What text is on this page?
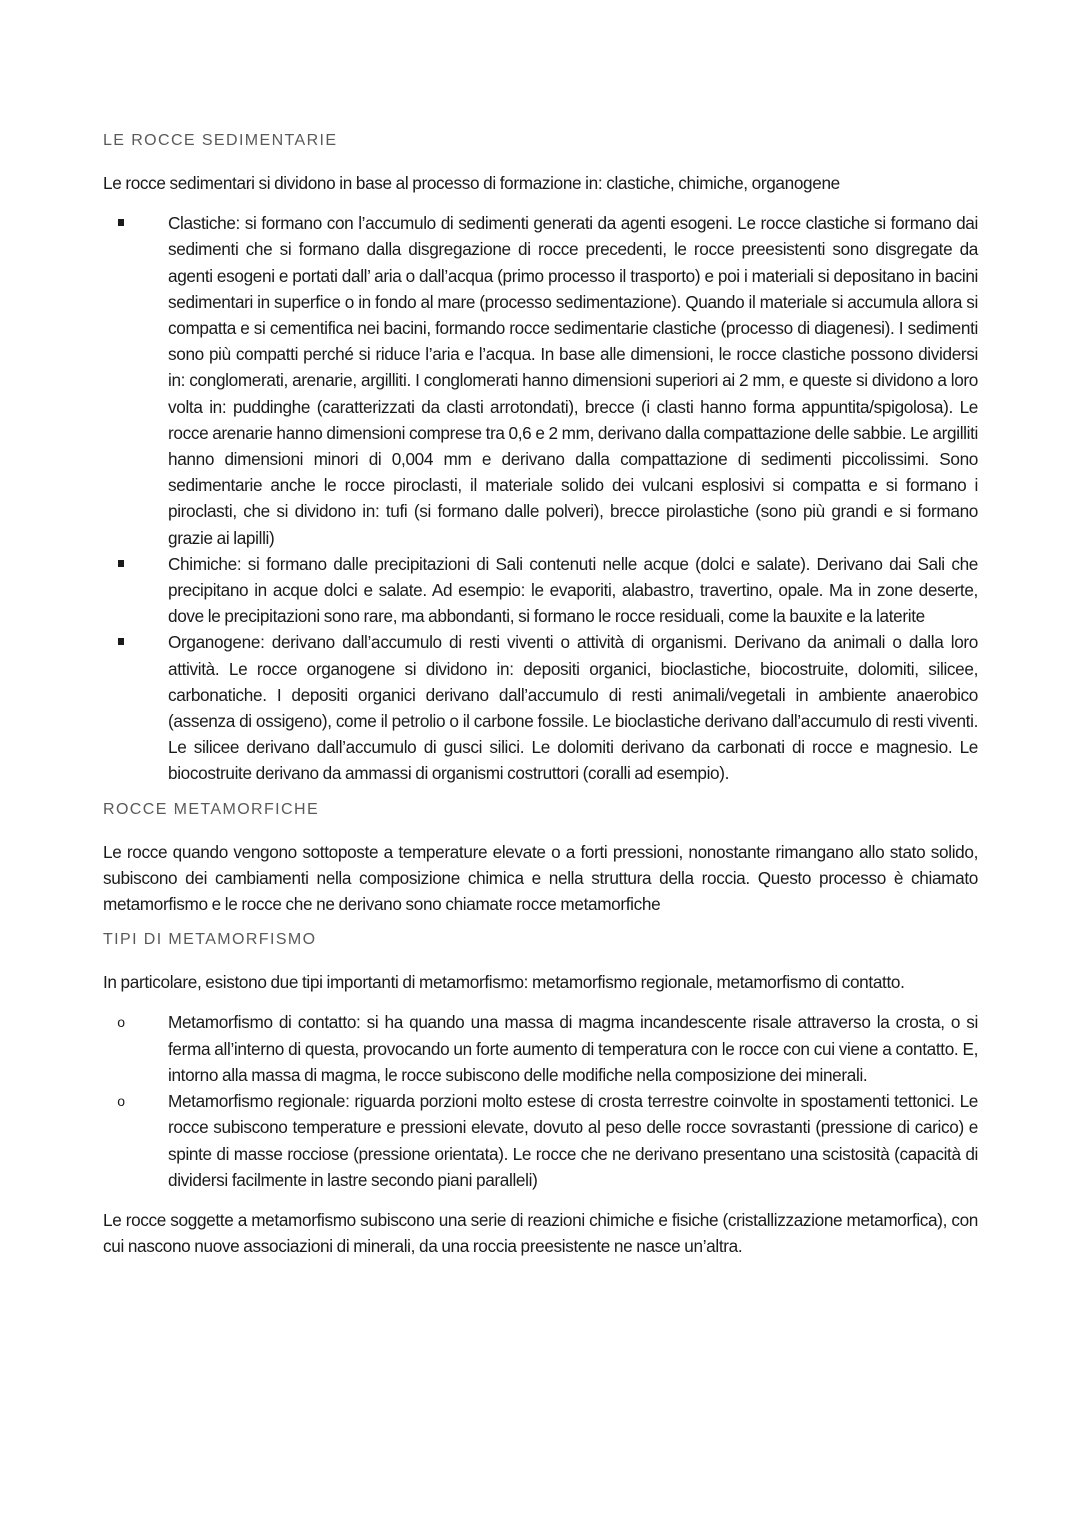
LE ROCCE SEDIMENTARIE

Le rocce sedimentari si dividono in base al processo di formazione in: clastiche, chimiche, organogene

Clastiche: si formano con l’accumulo di sedimenti generati da agenti esogeni. Le rocce clastiche si formano dai sedimenti che si formano dalla disgregazione di rocce precedenti, le rocce preesistenti sono disgregate da agenti esogeni e portati dall’ aria o dall’acqua (primo processo il trasporto) e poi i materiali si depositano in bacini sedimentari in superfice o in fondo al mare (processo sedimentazione). Quando il materiale si accumula allora si compatta e si cementifica nei bacini, formando rocce sedimentarie clastiche (processo di diagenesi). I sedimenti sono più compatti perché si riduce l’aria e l’acqua. In base alle dimensioni, le rocce clastiche possono dividersi in: conglomerati, arenarie, argilliti. I conglomerati hanno dimensioni superiori ai 2 mm, e queste si dividono a loro volta in: puddinghe (caratterizzati da clasti arrotondati), brecce (i clasti hanno forma appuntita/spigolosa). Le rocce arenarie hanno dimensioni comprese tra 0,6 e 2 mm, derivano dalla compattazione delle sabbie. Le argilliti hanno dimensioni minori di 0,004 mm e derivano dalla compattazione di sedimenti piccolissimi. Sono sedimentarie anche le rocce piroclasti, il materiale solido dei vulcani esplosivi si compatta e si formano i piroclasti, che si dividono in: tufi (si formano dalle polveri), brecce pirolastiche (sono più grandi e si formano grazie ai lapilli)
Chimiche: si formano dalle precipitazioni di Sali contenuti nelle acque (dolci e salate). Derivano dai Sali che precipitano in acque dolci e salate. Ad esempio: le evaporiti, alabastro, travertino, opale. Ma in zone deserte, dove le precipitazioni sono rare, ma abbondanti, si formano le rocce residuali, come la bauxite e la laterite
Organogene: derivano dall’accumulo di resti viventi o attività di organismi. Derivano da animali o dalla loro attività. Le rocce organogene si dividono in: depositi organici, bioclastiche, biocostruite, dolomiti, silicee, carbonatiche. I depositi organici derivano dall’accumulo di resti animali/vegetali in ambiente anaerobico (assenza di ossigeno), come il petrolio o il carbone fossile. Le bioclastiche derivano dall’accumulo di resti viventi. Le silicee derivano dall’accumulo di gusci silici. Le dolomiti derivano da carbonati di rocce e magnesio. Le biocostruite derivano da ammassi di organismi costruttori (coralli ad esempio).
ROCCE METAMORFICHE

Le rocce quando vengono sottoposte a temperature elevate o a forti pressioni, nonostante rimangano allo stato solido, subiscono dei cambiamenti nella composizione chimica e nella struttura della roccia. Questo processo è chiamato metamorfismo e le rocce che ne derivano sono chiamate rocce metamorfiche

TIPI DI METAMORFISMO

In particolare, esistono due tipi importanti di metamorfismo: metamorfismo regionale, metamorfismo di contatto.

o	Metamorfismo di contatto: si ha quando una massa di magma incandescente risale attraverso la crosta, o si ferma all’interno di questa, provocando un forte aumento di temperatura con le rocce con cui viene a contatto. E, intorno alla massa di magma, le rocce subiscono delle modifiche nella composizione dei minerali.
o	Metamorfismo regionale: riguarda porzioni molto estese di crosta terrestre coinvolte in spostamenti tettonici. Le rocce subiscono temperature e pressioni elevate, dovuto al peso delle rocce sovrastanti (pressione di carico) e spinte di masse rocciose (pressione orientata). Le rocce che ne derivano presentano una scistosità (capacità di dividersi facilmente in lastre secondo piani paralleli)

Le rocce soggette a metamorfismo subiscono una serie di reazioni chimiche e fisiche (cristallizzazione metamorfica), con cui nascono nuove associazioni di minerali, da una roccia preesistente ne nasce un’altra.
